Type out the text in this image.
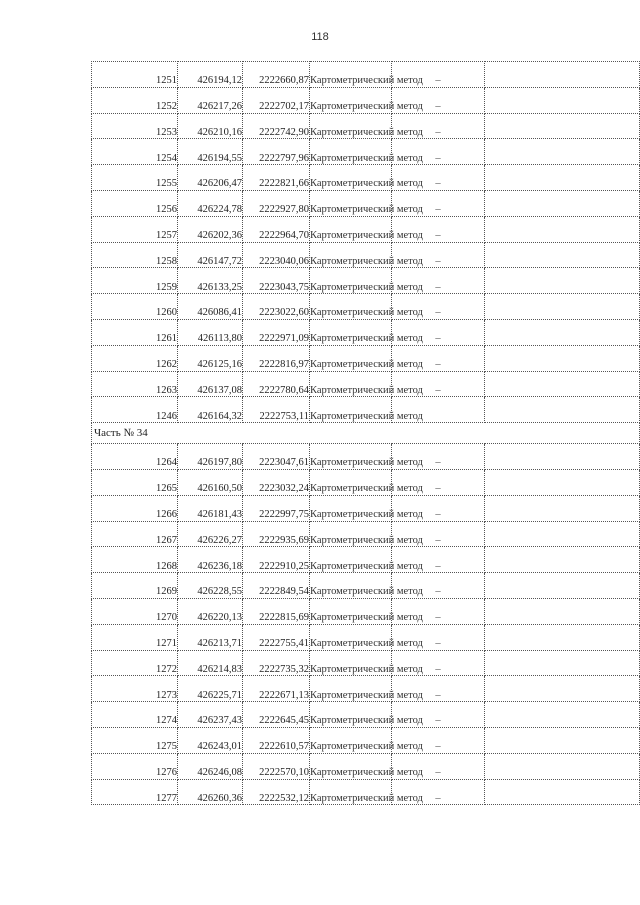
118
1251	426194,12	2222660,87	Картометрический метод	–	
1252	426217,26	2222702,17	Картометрический метод	–	
1253	426210,16	2222742,90	Картометрический метод	–	
1254	426194,55	2222797,96	Картометрический метод	–	
1255	426206,47	2222821,66	Картометрический метод	–	
1256	426224,78	2222927,80	Картометрический метод	–	
1257	426202,36	2222964,70	Картометрический метод	–	
1258	426147,72	2223040,06	Картометрический метод	–	
1259	426133,25	2223043,75	Картометрический метод	–	
1260	426086,41	2223022,60	Картометрический метод	–	
1261	426113,80	2222971,09	Картометрический метод	–	
1262	426125,16	2222816,97	Картометрический метод	–	
1263	426137,08	2222780,64	Картометрический метод	–	
1246	426164,32	2222753,11	Картометрический метод		
Часть № 34					
1264	426197,80	2223047,61	Картометрический метод	–	
1265	426160,50	2223032,24	Картометрический метод	–	
1266	426181,43	2222997,75	Картометрический метод	–	
1267	426226,27	2222935,69	Картометрический метод	–	
1268	426236,18	2222910,25	Картометрический метод	–	
1269	426228,55	2222849,54	Картометрический метод	–	
1270	426220,13	2222815,69	Картометрический метод	–	
1271	426213,71	2222755,41	Картометрический метод	–	
1272	426214,83	2222735,32	Картометрический метод	–	
1273	426225,71	2222671,13	Картометрический метод	–	
1274	426237,43	2222645,45	Картометрический метод	–	
1275	426243,01	2222610,57	Картометрический метод	–	
1276	426246,08	2222570,10	Картометрический метод	–	
1277	426260,36	2222532,12	Картометрический метод	–	
